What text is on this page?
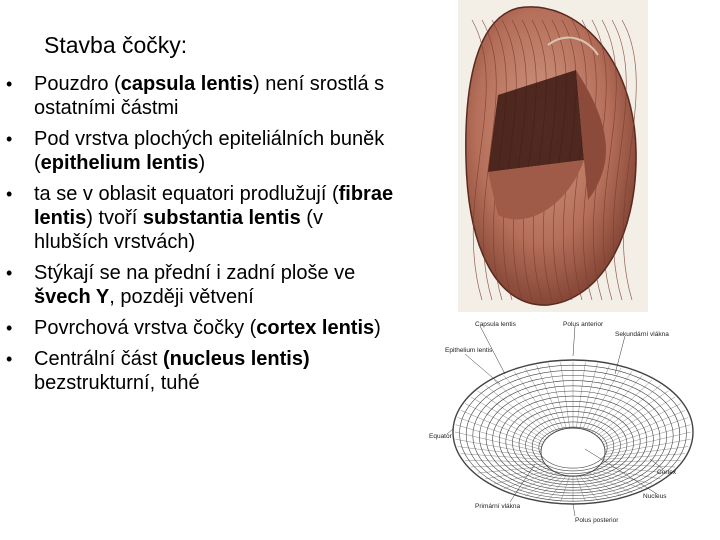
Stavba čočky:
• Pouzdro (capsula lentis) není srostlá s ostatními částmi
• Pod vrstva plochých epiteliálních buněk (epithelium lentis)
• ta se v oblasit equatori prodlužují (fibrae lentis) tvoří substantia lentis (v hlubších vrstvách)
• Stýkají se na přední i zadní ploše ve švech Y, později větvení
• Povrchová vrstva čočky (cortex lentis)
• Centrální část (nucleus lentis) bezstrukturní, tuhé
Capsula lentis	Polus anterior
Sekundární vlákna
Epithelium lentis
Equator
Cortex
Nucleus
Primární vlákna
Polus posterior
